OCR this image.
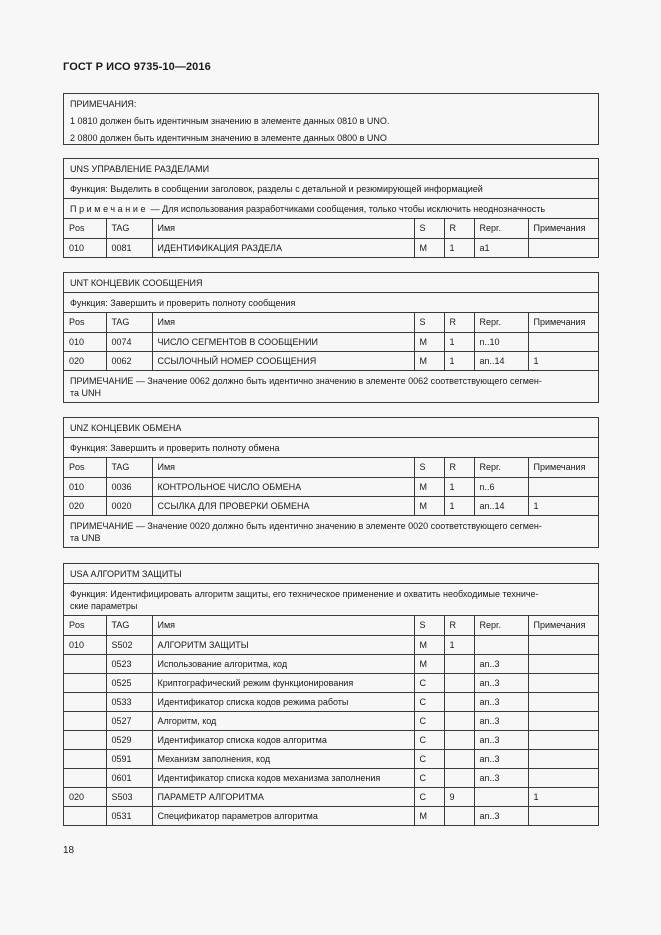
ГОСТ Р ИСО 9735-10—2016
ПРИМЕЧАНИЯ:
1 0810 должен быть идентичным значению в элементе данных 0810 в UNO.
2 0800 должен быть идентичным значению в элементе данных 0800 в UNO
UNS УПРАВЛЕНИЕ РАЗДЕЛАМИ
Функция: Выделить в сообщении заголовок, разделы с детальной и резюмирующей информацией
Примечание — Для использования разработчиками сообщения, только чтобы исключить неоднозначность
Pos	TAG	Имя	S	R	Repr.	Примечания
010	0081	ИДЕНТИФИКАЦИЯ РАЗДЕЛА	M	1	a1	
UNT КОНЦЕВИК СООБЩЕНИЯ
Функция: Завершить и проверить полноту сообщения
Pos	TAG	Имя	S	R	Repr.	Примечания
010	0074	ЧИСЛО СЕГМЕНТОВ В СООБЩЕНИИ	M	1	n..10	
020	0062	ССЫЛОЧНЫЙ НОМЕР СООБЩЕНИЯ	M	1	an..14	1
ПРИМЕЧАНИЕ — Значение 0062 должно быть идентично значению в элементе 0062 соответствующего сегмен-
та UNH
UNZ КОНЦЕВИК ОБМЕНА
Функция: Завершить и проверить полноту обмена
Pos	TAG	Имя	S	R	Repr.	Примечания
010	0036	КОНТРОЛЬНОЕ ЧИСЛО ОБМЕНА	M	1	n..6	
020	0020	ССЫЛКА ДЛЯ ПРОВЕРКИ ОБМЕНА	M	1	an..14	1
ПРИМЕЧАНИЕ — Значение 0020 должно быть идентично значению в элементе 0020 соответствующего сегмен-
та UNB
USA АЛГОРИТМ ЗАЩИТЫ
Функция: Идентифицировать алгоритм защиты, его техническое применение и охватить необходимые техниче-
ские параметры
Pos	TAG	Имя	S	R	Repr.	Примечания
010	S502	АЛГОРИТМ ЗАЩИТЫ	M	1		
	0523	Использование алгоритма, код	M		an..3	
	0525	Криптографический режим функционирования	C		an..3	
	0533	Идентификатор списка кодов режима работы	C		an..3	
	0527	Алгоритм, код	C		an..3	
	0529	Идентификатор списка кодов алгоритма	C		an..3	
	0591	Механизм заполнения, код	C		an..3	
	0601	Идентификатор списка кодов механизма заполнения	C		an..3	
020	S503	ПАРАМЕТР АЛГОРИТМА	C	9		1
	0531	Спецификатор параметров алгоритма	M		an..3	
18
